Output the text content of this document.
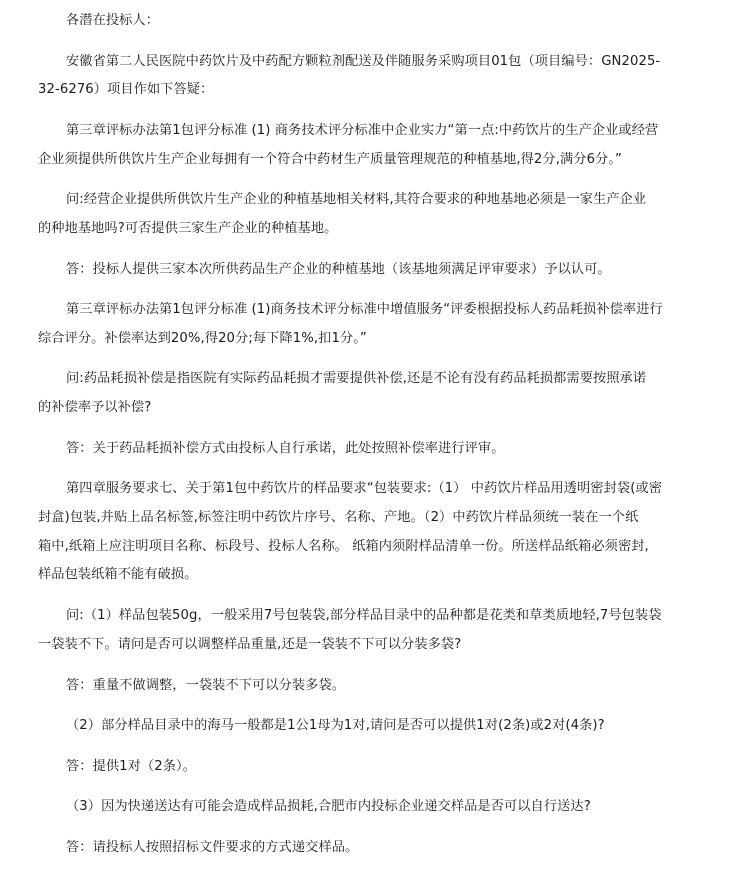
各潜在投标人：
安徽省第二人民医院中药饮片及中药配方颗粒剂配送及伴随服务采购项目01包（项目编号：GN2025-
32-6276）项目作如下答疑：
第三章评标办法第1包评分标准 (1) 商务技术评分标准中企业实力“第一点:中药饮片的生产企业或经营
企业须提供所供饮片生产企业每拥有一个符合中药材生产质量管理规范的种植基地,得2分,满分6分。”
问:经营企业提供所供饮片生产企业的种植基地相关材料,其符合要求的种地基地必须是一家生产企业
的种地基地吗?可否提供三家生产企业的种植基地。
答：投标人提供三家本次所供药品生产企业的种植基地（该基地须满足评审要求）予以认可。
第三章评标办法第1包评分标准 (1)商务技术评分标准中增值服务“评委根据投标人药品耗损补偿率进行
综合评分。补偿率达到20%,得20分;每下降1%,扣1分。”
问:药品耗损补偿是指医院有实际药品耗损才需要提供补偿,还是不论有没有药品耗损都需要按照承诺
的补偿率予以补偿?
答：关于药品耗损补偿方式由投标人自行承诺，此处按照补偿率进行评审。
第四章服务要求七、关于第1包中药饮片的样品要求“包装要求:（1） 中药饮片样品用透明密封袋(或密
封盒)包装,并贴上品名标签,标签注明中药饮片序号、名称、产地。（2）中药饮片样品须统一装在一个纸
箱中,纸箱上应注明项目名称、标段号、投标人名称。 纸箱内须附样品清单一份。所送样品纸箱必须密封,
样品包装纸箱不能有破损。
问:（1）样品包装50g，一般采用7号包装袋,部分样品目录中的品种都是花类和草类质地轻,7号包装袋
一袋装不下。请问是否可以调整样品重量,还是一袋装不下可以分装多袋?
答：重量不做调整，一袋装不下可以分装多袋。
（2）部分样品目录中的海马一般都是1公1母为1对,请问是否可以提供1对(2条)或2对(4条)?
答：提供1对（2条）。
（3）因为快递送达有可能会造成样品损耗,合肥市内投标企业递交样品是否可以自行送达?
答：请投标人按照招标文件要求的方式递交样品。
